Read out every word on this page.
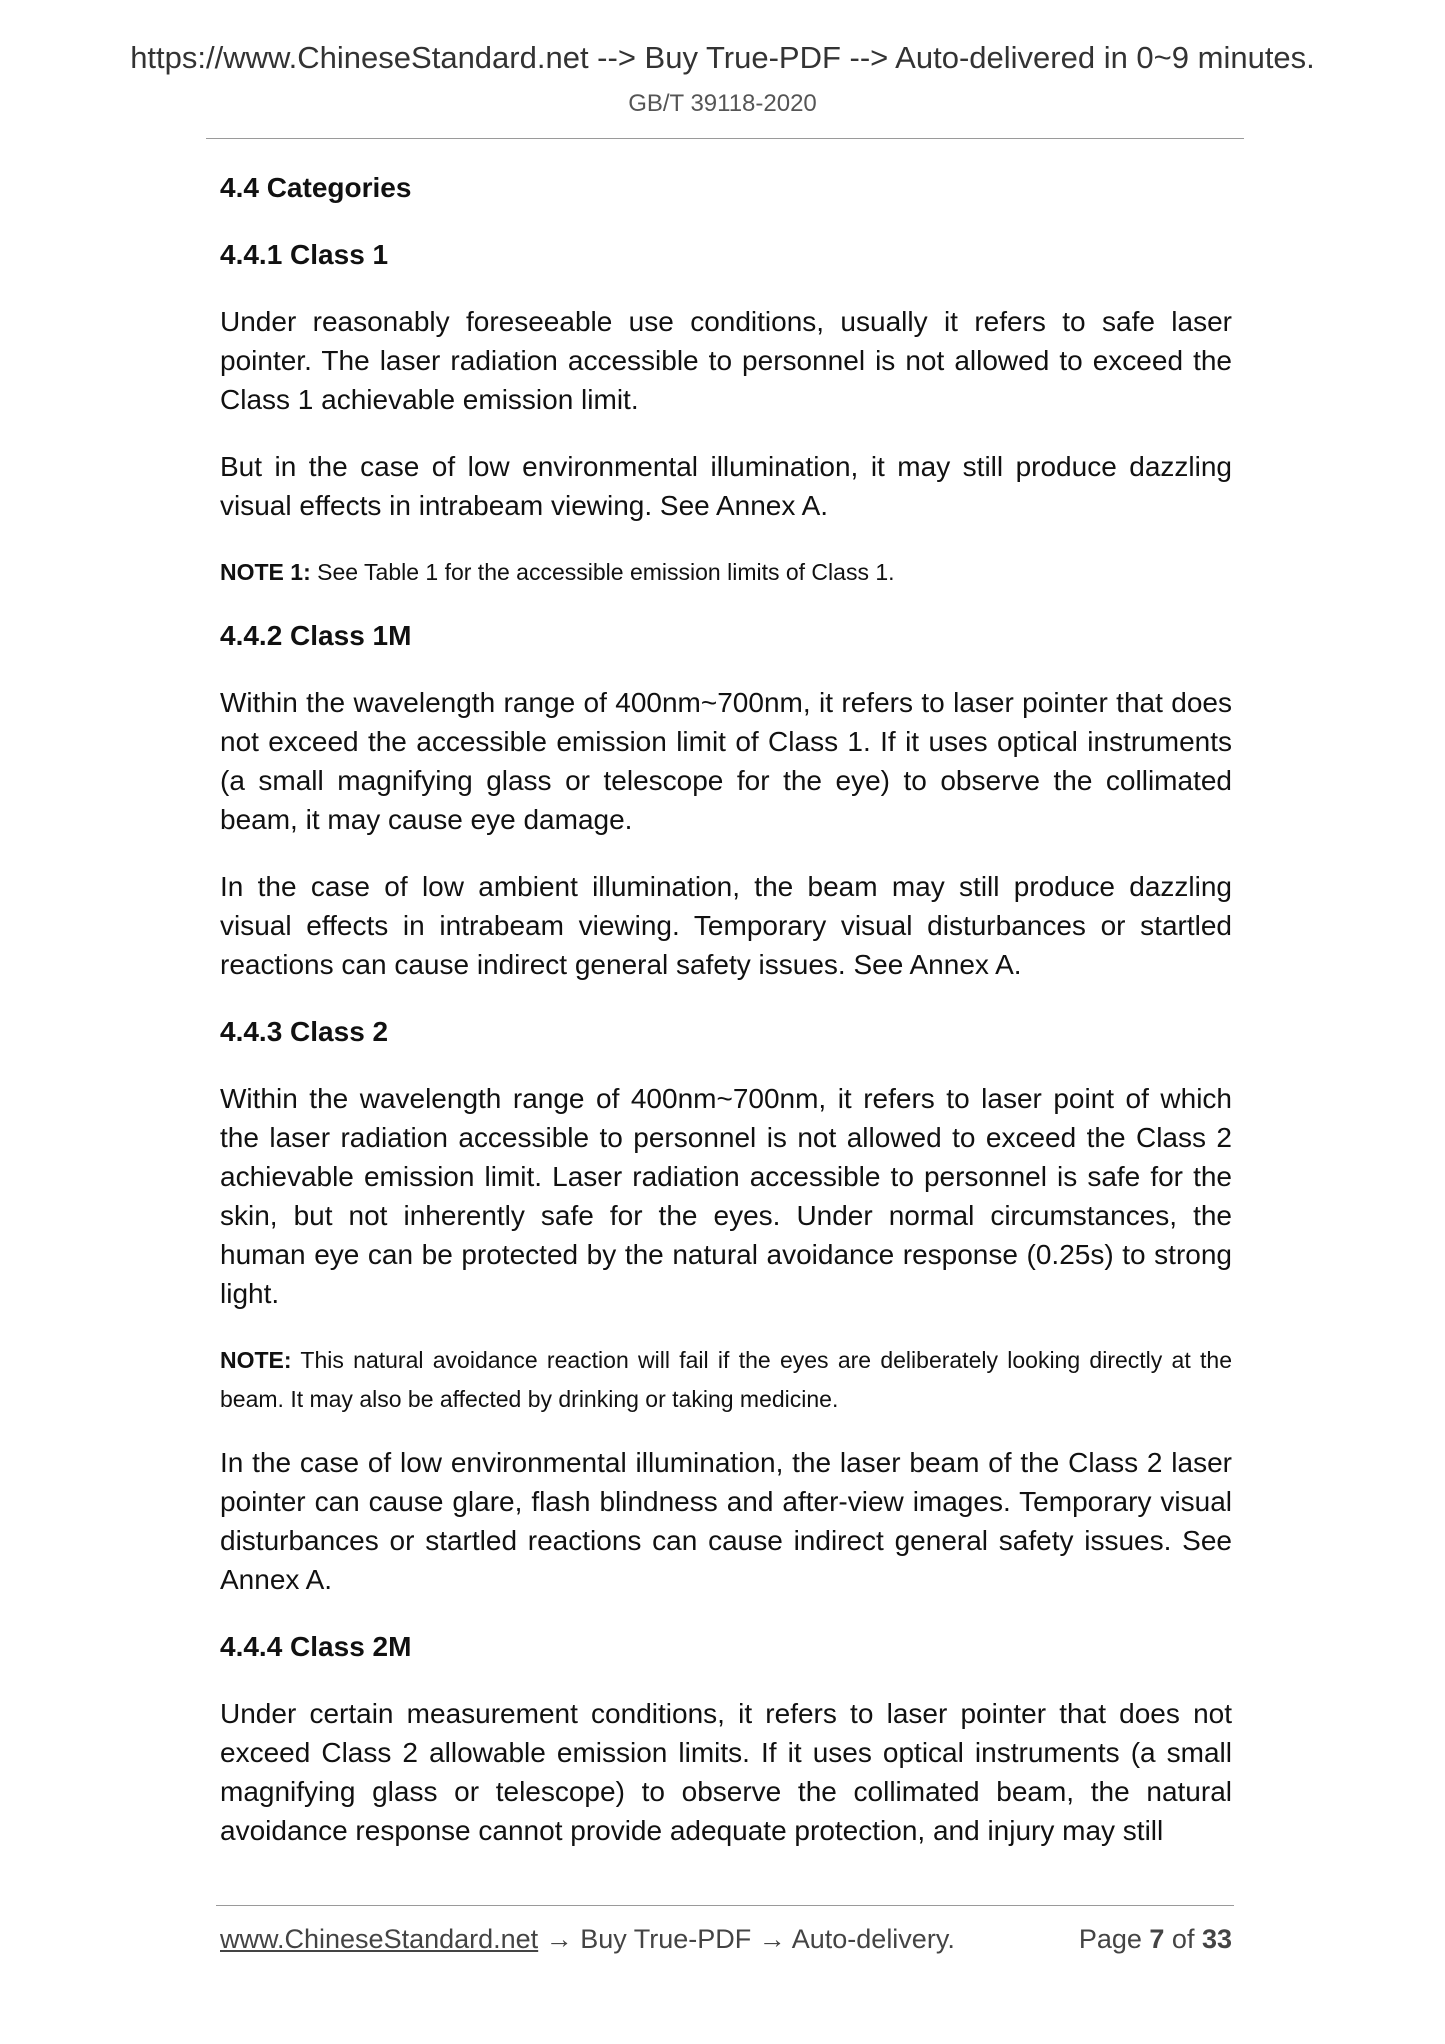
https://www.ChineseStandard.net --> Buy True-PDF --> Auto-delivered in 0~9 minutes.
GB/T 39118-2020
4.4 Categories
4.4.1 Class 1

Under reasonably foreseeable use conditions, usually it refers to safe laser pointer. The laser radiation accessible to personnel is not allowed to exceed the Class 1 achievable emission limit.

But in the case of low environmental illumination, it may still produce dazzling visual effects in intrabeam viewing. See Annex A.

NOTE 1: See Table 1 for the accessible emission limits of Class 1.

4.4.2 Class 1M

Within the wavelength range of 400nm~700nm, it refers to laser pointer that does not exceed the accessible emission limit of Class 1. If it uses optical instruments (a small magnifying glass or telescope for the eye) to observe the collimated beam, it may cause eye damage.

In the case of low ambient illumination, the beam may still produce dazzling visual effects in intrabeam viewing. Temporary visual disturbances or startled reactions can cause indirect general safety issues. See Annex A.

4.4.3 Class 2

Within the wavelength range of 400nm~700nm, it refers to laser point of which the laser radiation accessible to personnel is not allowed to exceed the Class 2 achievable emission limit. Laser radiation accessible to personnel is safe for the skin, but not inherently safe for the eyes. Under normal circumstances, the human eye can be protected by the natural avoidance response (0.25s) to strong light.

NOTE: This natural avoidance reaction will fail if the eyes are deliberately looking directly at the beam. It may also be affected by drinking or taking medicine.

In the case of low environmental illumination, the laser beam of the Class 2 laser pointer can cause glare, flash blindness and after-view images. Temporary visual disturbances or startled reactions can cause indirect general safety issues. See Annex A.

4.4.4 Class 2M

Under certain measurement conditions, it refers to laser pointer that does not exceed Class 2 allowable emission limits. If it uses optical instruments (a small magnifying glass or telescope) to observe the collimated beam, the natural avoidance response cannot provide adequate protection, and injury may still

www.ChineseStandard.net → Buy True-PDF → Auto-delivery.	Page 7 of 33
